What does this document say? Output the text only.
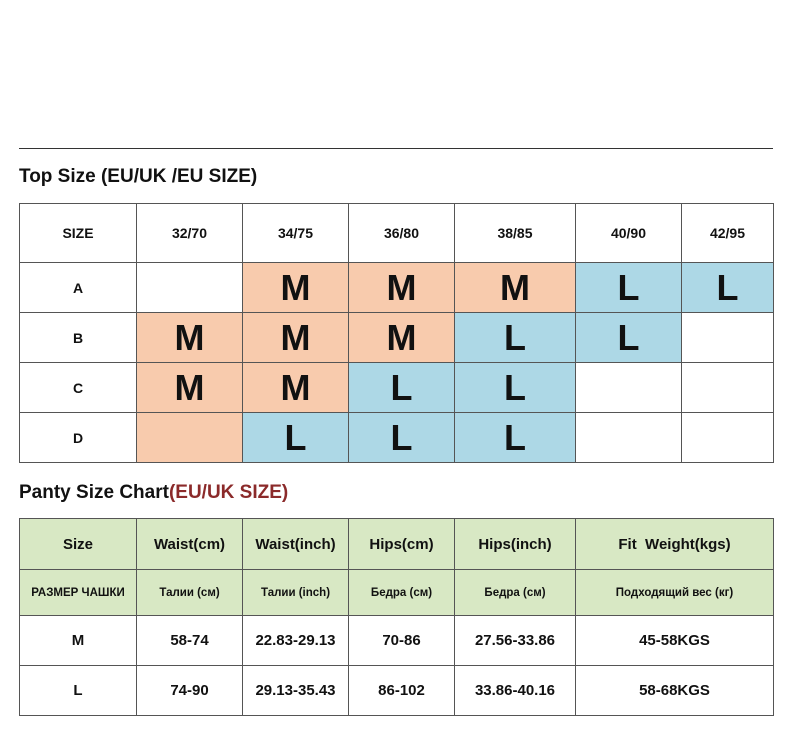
Top Size (EU/UK /EU SIZE)
SIZE	32/70	34/75	36/80	38/85	40/90	42/95
A		M	M	M	L	L
B	M	M	M	L	L	
C	M	M	L	L		
D		L	L	L		
Panty Size Chart(EU/UK SIZE)
Size	Waist(cm)	Waist(inch)	Hips(cm)	Hips(inch)	Fit  Weight(kgs)
РАЗМЕР ЧАШКИ	Талии (см)	Талии (inch)	Бедра (см)	Бедра (см)	Подходящий вес (кг)
M	58-74	22.83-29.13	70-86	27.56-33.86	45-58KGS
L	74-90	29.13-35.43	86-102	33.86-40.16	58-68KGS
